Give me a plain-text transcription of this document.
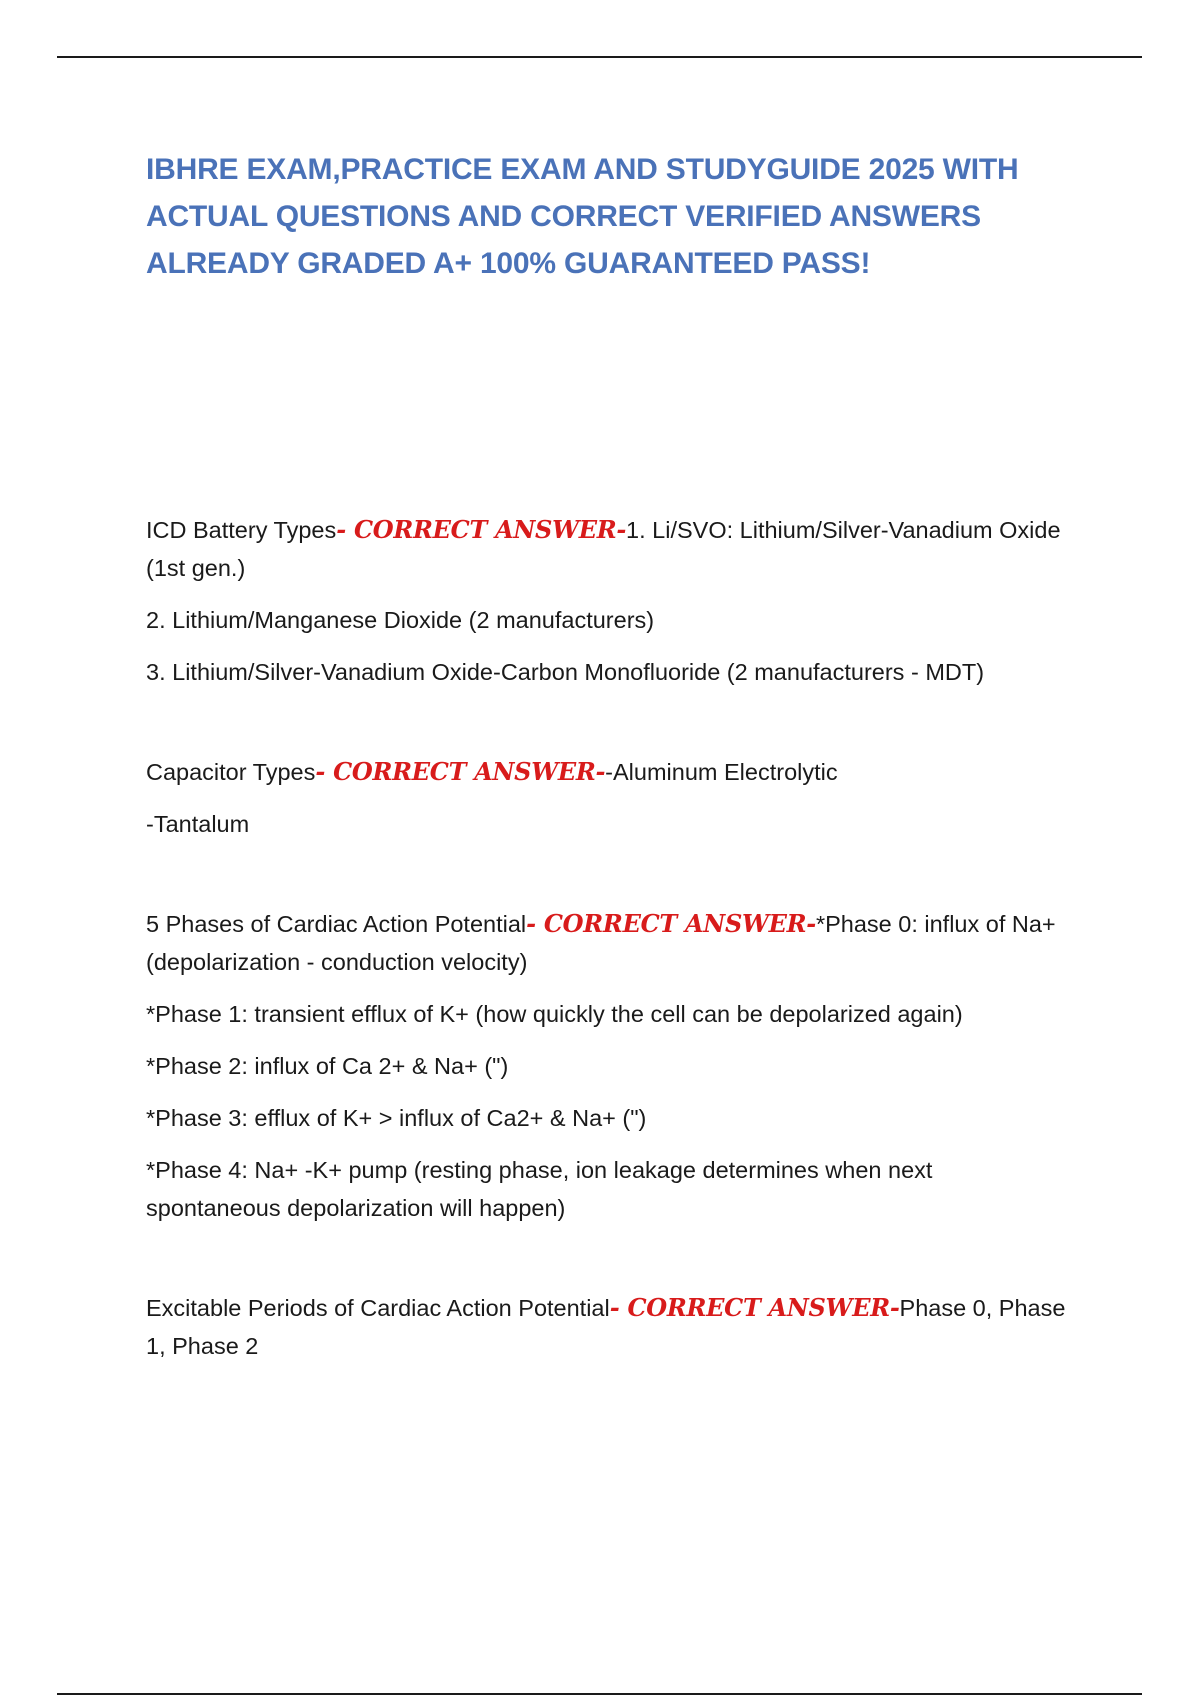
IBHRE EXAM,PRACTICE EXAM AND STUDYGUIDE 2025 WITH ACTUAL QUESTIONS AND CORRECT VERIFIED ANSWERS ALREADY GRADED A+ 100% GUARANTEED PASS!

ICD Battery Types- CORRECT ANSWER-1. Li/SVO: Lithium/Silver-Vanadium Oxide (1st gen.)

2. Lithium/Manganese Dioxide (2 manufacturers)

3. Lithium/Silver-Vanadium Oxide-Carbon Monofluoride (2 manufacturers - MDT)

Capacitor Types- CORRECT ANSWER--Aluminum Electrolytic

-Tantalum

5 Phases of Cardiac Action Potential- CORRECT ANSWER-*Phase 0: influx of Na+ (depolarization - conduction velocity)

*Phase 1: transient efflux of K+ (how quickly the cell can be depolarized again)

*Phase 2: influx of Ca 2+ & Na+ (")

*Phase 3: efflux of K+ > influx of Ca2+ & Na+ (")

*Phase 4: Na+ -K+ pump (resting phase, ion leakage determines when next spontaneous depolarization will happen)

Excitable Periods of Cardiac Action Potential- CORRECT ANSWER-Phase 0, Phase 1, Phase 2
